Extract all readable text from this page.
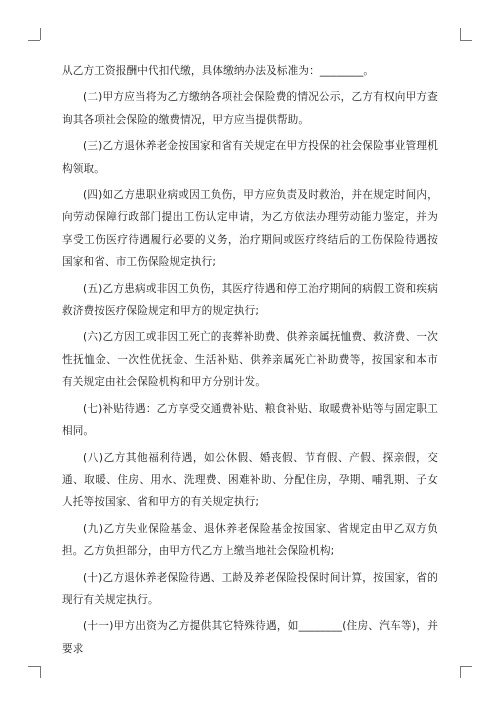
从乙方工资报酬中代扣代缴，具体缴纳办法及标准为：________。

(二)甲方应当将为乙方缴纳各项社会保险费的情况公示，乙方有权向甲方查询其各项社会保险的缴费情况，甲方应当提供帮助。

(三)乙方退休养老金按国家和省有关规定在甲方投保的社会保险事业管理机构领取。

(四)如乙方患职业病或因工负伤，甲方应负责及时救治，并在规定时间内，向劳动保障行政部门提出工伤认定申请，为乙方依法办理劳动能力鉴定，并为享受工伤医疗待遇履行必要的义务，治疗期间或医疗终结后的工伤保险待遇按国家和省、市工伤保险规定执行;

(五)乙方患病或非因工负伤，其医疗待遇和停工治疗期间的病假工资和疾病救济费按医疗保险规定和甲方的规定执行;

(六)乙方因工或非因工死亡的丧葬补助费、供养亲属抚恤费、救济费、一次性抚恤金、一次性优抚金、生活补贴、供养亲属死亡补助费等，按国家和本市有关规定由社会保险机构和甲方分别计发。

(七)补贴待遇：乙方享受交通费补贴、粮食补贴、取暖费补贴等与固定职工相同。

(八)乙方其他福利待遇，如公休假、婚丧假、节育假、产假、探亲假，交通、取暖、住房、用水、洗理费、困难补助、分配住房，孕期、哺乳期、子女人托等按国家、省和甲方的有关规定执行;

(九)乙方失业保险基金、退休养老保险基金按国家、省规定由甲乙双方负担。乙方负担部分，由甲方代乙方上缴当地社会保险机构;

(十)乙方退休养老保险待遇、工龄及养老保险投保时间计算，按国家，省的现行有关规定执行。

(十一)甲方出资为乙方提供其它特殊待遇，如________(住房、汽车等)，并要求
